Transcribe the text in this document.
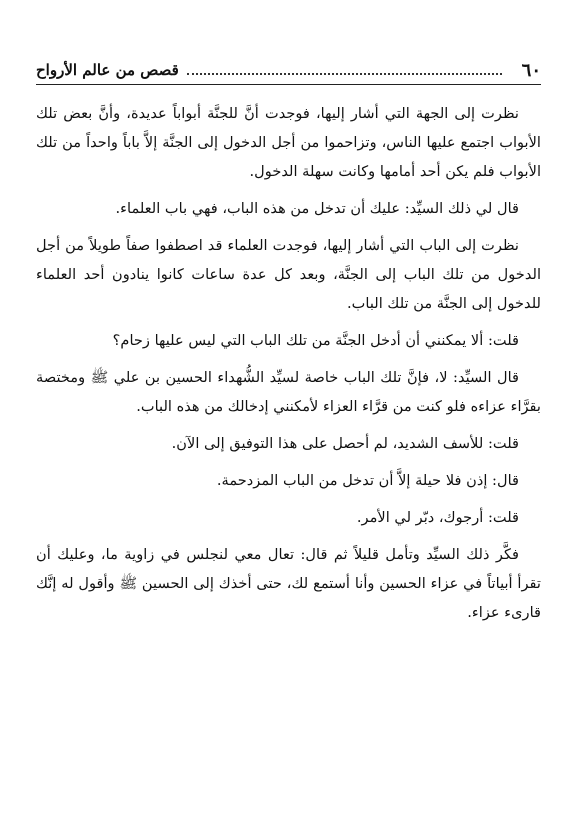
٦٠
قصص من عالم الأرواح

نظرت إلى الجهة التي أشار إليها، فوجدت أنَّ للجنَّة أبواباً عديدة، وأنَّ بعض تلك الأبواب اجتمع عليها الناس، وتزاحموا من أجل الدخول إلى الجنَّة إلاَّ باباً واحداً من تلك الأبواب فلم يكن أحد أمامها وكانت سهلة الدخول.

قال لي ذلك السيِّد: عليك أن تدخل من هذه الباب، فهي باب العلماء.

نظرت إلى الباب التي أشار إليها، فوجدت العلماء قد اصطفوا صفاً طويلاً من أجل الدخول من تلك الباب إلى الجنَّة، وبعد كل عدة ساعات كانوا ينادون أحد العلماء للدخول إلى الجنَّة من تلك الباب.

قلت: ألا يمكنني أن أدخل الجنَّة من تلك الباب التي ليس عليها زحام؟

قال السيِّد: لا، فإنَّ تلك الباب خاصة لسيِّد الشُّهداء الحسين بن علي ﷺ ومختصة بقرَّاء عزاءه فلو كنت من قرَّاء العزاء لأمكنني إدخالك من هذه الباب.

قلت: للأسف الشديد، لم أحصل على هذا التوفيق إلى الآن.

قال: إذن فلا حيلة إلاَّ أن تدخل من الباب المزدحمة.

قلت: أرجوك، دبّر لي الأمر.

فكَّر ذلك السيِّد وتأمل قليلاً ثم قال: تعال معي لنجلس في زاوية ما، وعليك أن تقرأ أبياتاً في عزاء الحسين وأنا أستمع لك، حتى أخذك إلى الحسين ﷺ وأقول له إنَّك قارىء عزاء.
